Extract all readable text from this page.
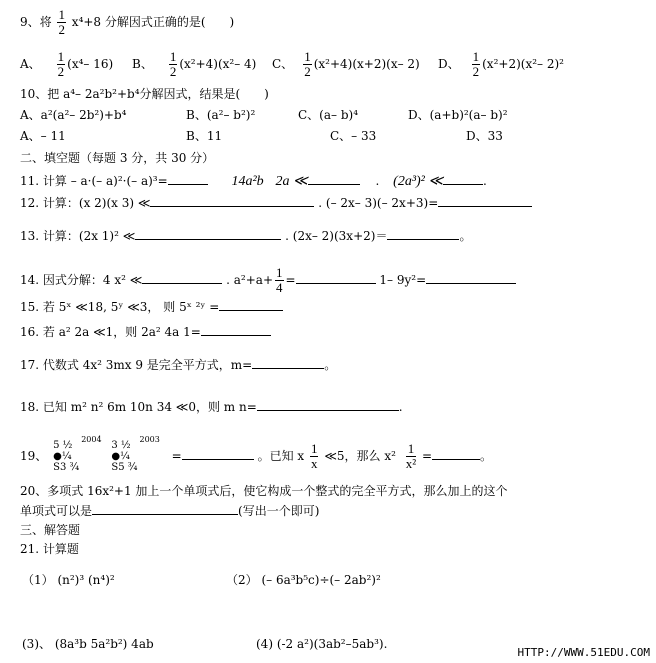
9、将 $\frac{1}{2} x^4+8$ 分解因式正确的是(　　)
A、 $\frac{1}{2} (x^4-$ 16) B、 $\frac{1}{2} (x^2+4)(x^2-$ 4) C、 $\frac{1}{2} (x^2+4)(x+2)(x-$ 2) D、 $\frac{1}{2} (x^2+2)(x^2-$ 2)²
10、把 a⁴– 2a²b²+b⁴分解因式，结果是(　　)
A、a²(a²– 2b²)+b⁴	B、(a²– b²)²	C、(a– b)⁴	D、(a+b)²(a– b)²
A、– 11	B、11	C、– 33	D、33
二、填空题（每题 3 分，共 30 分）
11. 计算 – a·(– a)²·(– a)³=	14a²b 2a ≪	. (2a³)² ≪	.
12. 计算：(x 2)(x 3) ≪	. (– 2x– 3)(– 2x+3)=
13. 计算：(2x 1)² ≪	. (2x– 2)(3x+2)＝	。
14. 因式分解：4 x² ≪	. $a^2+a+ \frac{1}{4}$ =	1– 9y²=
15. 若 5ˣ ≪18, 5ʸ ≪3， 则 5ˣ ²ʸ =
16. 若 a² 2a ≪1，则 2a² 4a 1=
17. 代数式 4x² 3mx 9 是完全平方式，m=	。
18. 已知 m² n² 6m 10n 34 ≪0，则 m n=	.
19、 5 ½
●¼
S3 ¾$^{2004}$ 3 ½
●¼
S5 ¾$^{2003}$ =	。已知 x $\frac{1}{x}$ ≪5，那么 $x^2 \frac{1}{\text{x²}}$ =	。
20、多项式 16x²+1 加上一个单项式后，使它构成一个整式的完全平方式，那么加上的这个
单项式可以是	(写出一个即可)
三、解答题
21. 计算题
（1） (n²)³ (n⁴)²	（2） (– 6a³b⁵c)÷(– 2ab²)²
(3)、 (8a³b 5a²b²) 4ab	(4) (-2 a²)(3ab²–5ab³).
HTTP://WWW.51EDU.COM
